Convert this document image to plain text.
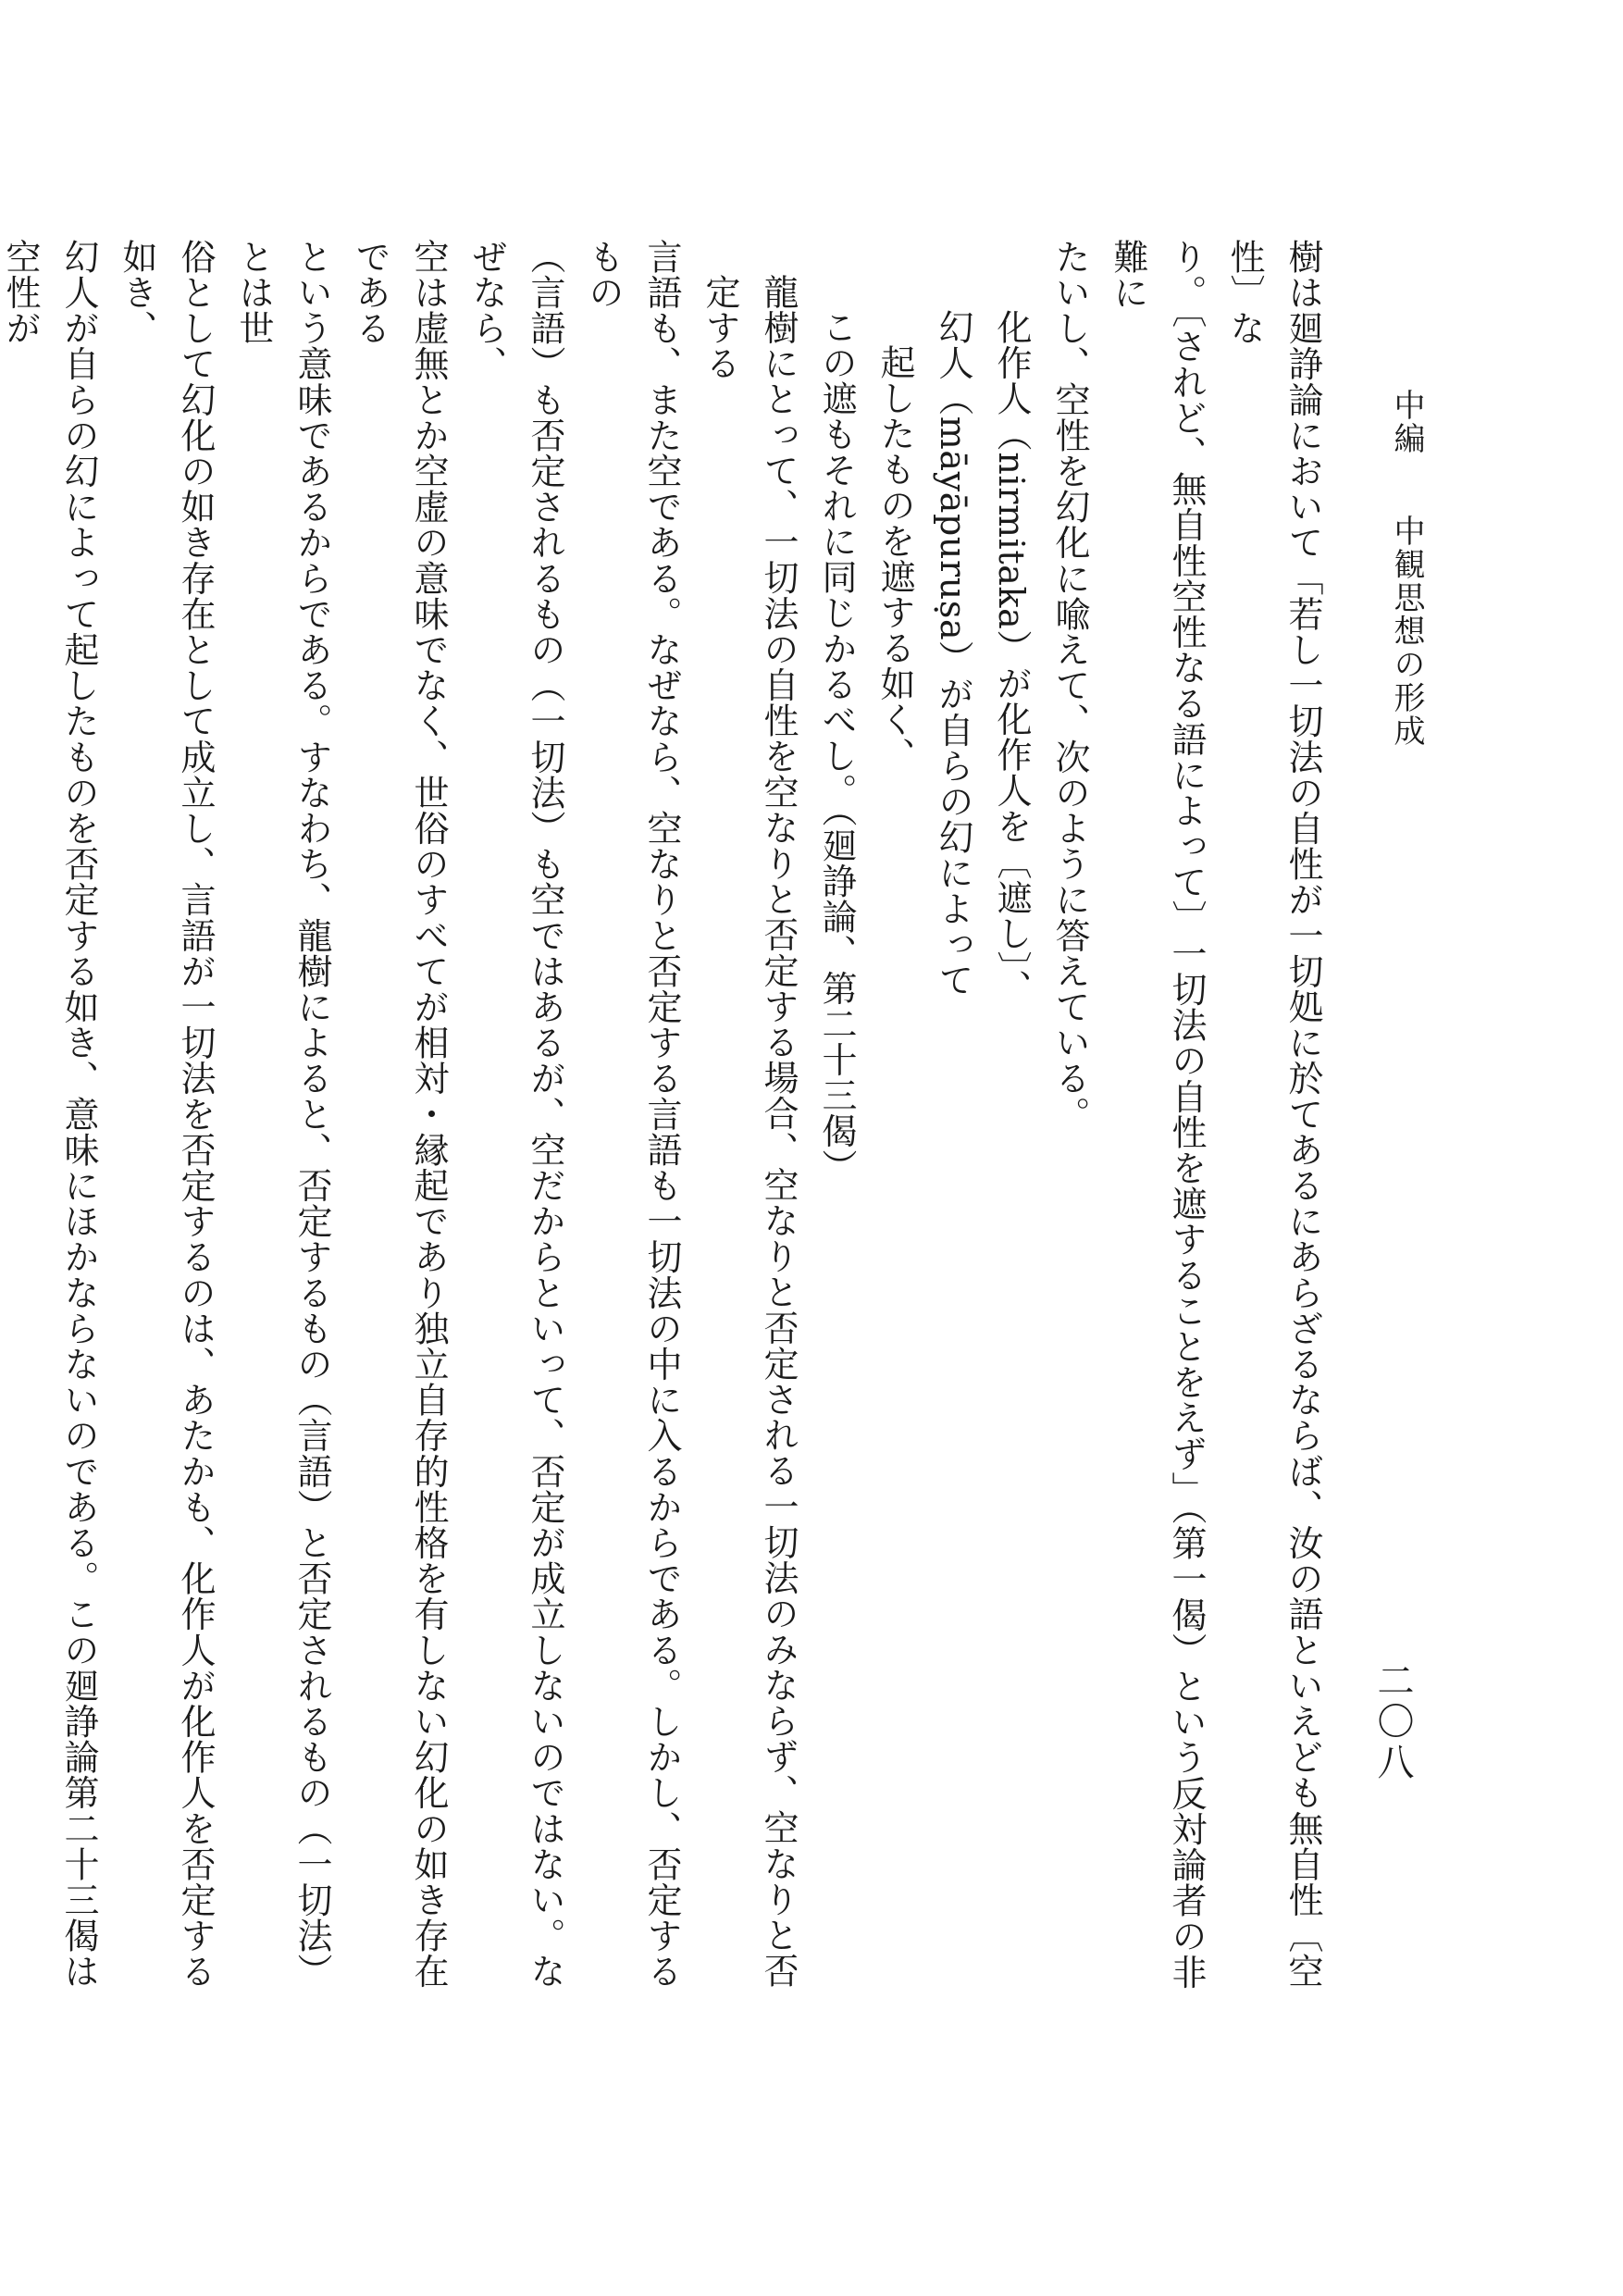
中編　中観思想の形成
二〇八

樹は廻諍論において「若し一切法の自性が一切処に於てあるにあらざるならば、汝の語といえども無自性〔空性〕な

り。〔されど、無自性空性なる語によって〕一切法の自性を遮することをえず」（第一偈）という反対論者の非難に

たいし、空性を幻化に喩えて、次のように答えている。

化作人（nirmitaka）が化作人を〔遮し〕、

幻人（māyāpuruṣa）が自らの幻によって

起したものを遮する如く、

この遮もそれに同じかるべし。（廻諍論、第二十三偈）

龍樹にとって、一切法の自性を空なりと否定する場合、空なりと否定される一切法のみならず、空なりと否定する

言語も、また空である。なぜなら、空なりと否定する言語も一切法の中に入るからである。しかし、否定するもの

（言語）も否定されるもの（一切法）も空ではあるが、空だからといって、否定が成立しないのではない。なぜなら、

空は虚無とか空虚の意味でなく、世俗のすべてが相対・縁起であり独立自存的性格を有しない幻化の如き存在である

という意味であるからである。すなわち、龍樹によると、否定するもの（言語）と否定されるもの（一切法）とは世

俗として幻化の如き存在として成立し、言語が一切法を否定するのは、あたかも、化作人が化作人を否定する如き、

幻人が自らの幻によって起したものを否定する如き、意味にほかならないのである。この廻諍論第二十三偈は空性が
